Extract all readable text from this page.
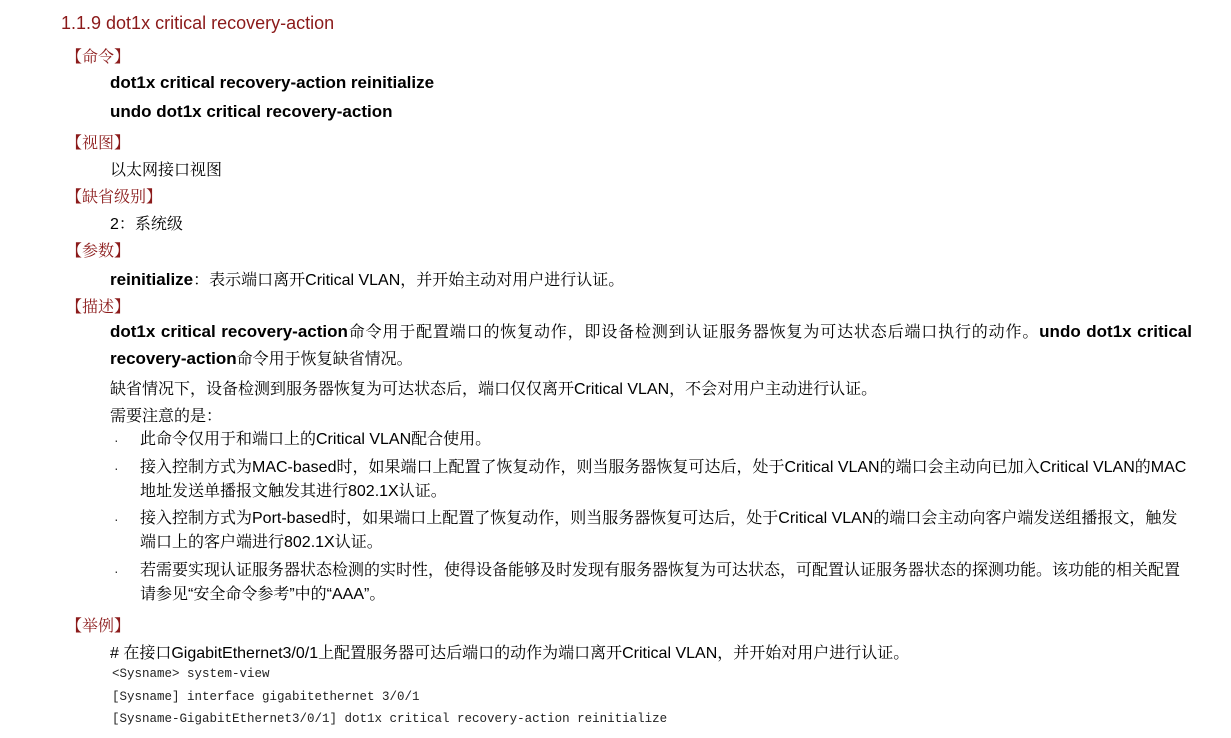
1.1.9 dot1x critical recovery-action
【命令】
dot1x critical recovery-action reinitialize
undo dot1x critical recovery-action
【视图】
以太网接口视图
【缺省级别】
2：系统级
【参数】
reinitialize：表示端口离开Critical VLAN，并开始主动对用户进行认证。
【描述】
dot1x critical recovery-action命令用于配置端口的恢复动作，即设备检测到认证服务器恢复为可达状态后端口执行的动作。undo dot1x critical recovery-action命令用于恢复缺省情况。
缺省情况下，设备检测到服务器恢复为可达状态后，端口仅仅离开Critical VLAN，不会对用户主动进行认证。
需要注意的是：
· 此命令仅用于和端口上的Critical VLAN配合使用。
· 接入控制方式为MAC-based时，如果端口上配置了恢复动作，则当服务器恢复可达后，处于Critical VLAN的端口会主动向已加入Critical VLAN的MAC地址发送单播报文触发其进行802.1X认证。
· 接入控制方式为Port-based时，如果端口上配置了恢复动作，则当服务器恢复可达后，处于Critical VLAN的端口会主动向客户端发送组播报文，触发端口上的客户端进行802.1X认证。
· 若需要实现认证服务器状态检测的实时性，使得设备能够及时发现有服务器恢复为可达状态，可配置认证服务器状态的探测功能。该功能的相关配置请参见“安全命令参考”中的“AAA”。
【举例】
# 在接口GigabitEthernet3/0/1上配置服务器可达后端口的动作为端口离开Critical VLAN，并开始对用户进行认证。
<Sysname> system-view
[Sysname] interface gigabitethernet 3/0/1
[Sysname-GigabitEthernet3/0/1] dot1x critical recovery-action reinitialize
